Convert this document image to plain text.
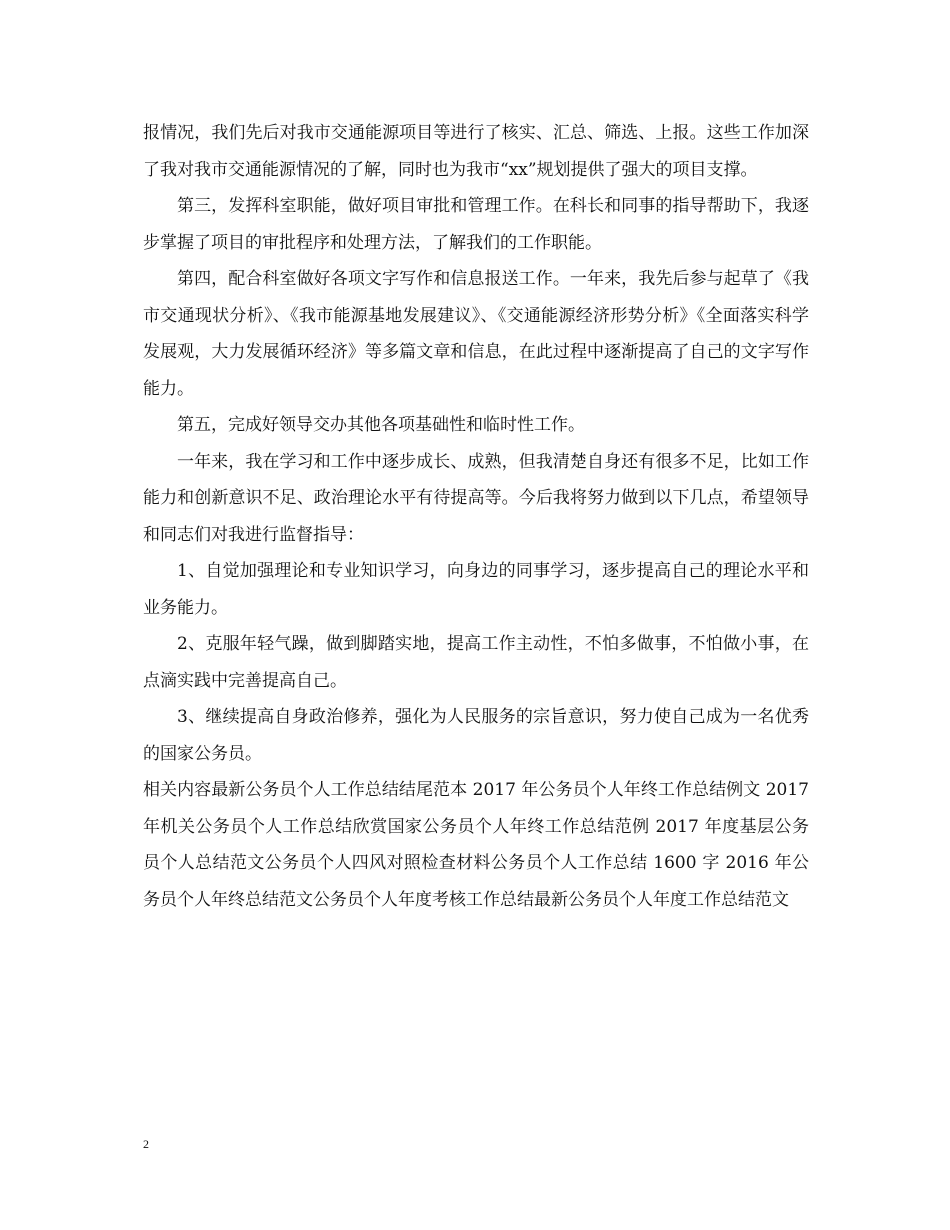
报情况，我们先后对我市交通能源项目等进行了核实、汇总、筛选、上报。这些工作加深了我对我市交通能源情况的了解，同时也为我市“xx”规划提供了强大的项目支撑。

第三，发挥科室职能，做好项目审批和管理工作。在科长和同事的指导帮助下，我逐步掌握了项目的审批程序和处理方法，了解我们的工作职能。

第四，配合科室做好各项文字写作和信息报送工作。一年来，我先后参与起草了《我市交通现状分析》、《我市能源基地发展建议》、《交通能源经济形势分析》《全面落实科学发展观，大力发展循环经济》等多篇文章和信息，在此过程中逐渐提高了自己的文字写作能力。

第五，完成好领导交办其他各项基础性和临时性工作。

一年来，我在学习和工作中逐步成长、成熟，但我清楚自身还有很多不足，比如工作能力和创新意识不足、政治理论水平有待提高等。今后我将努力做到以下几点，希望领导和同志们对我进行监督指导：

1、自觉加强理论和专业知识学习，向身边的同事学习，逐步提高自己的理论水平和业务能力。

2、克服年轻气躁，做到脚踏实地，提高工作主动性，不怕多做事，不怕做小事，在点滴实践中完善提高自己。

3、继续提高自身政治修养，强化为人民服务的宗旨意识，努力使自己成为一名优秀的国家公务员。

相关内容最新公务员个人工作总结结尾范本 2017 年公务员个人年终工作总结例文 2017 年机关公务员个人工作总结欣赏国家公务员个人年终工作总结范例 2017 年度基层公务员个人总结范文公务员个人四风对照检查材料公务员个人工作总结 1600 字 2016 年公务员个人年终总结范文公务员个人年度考核工作总结最新公务员个人年度工作总结范文

2
